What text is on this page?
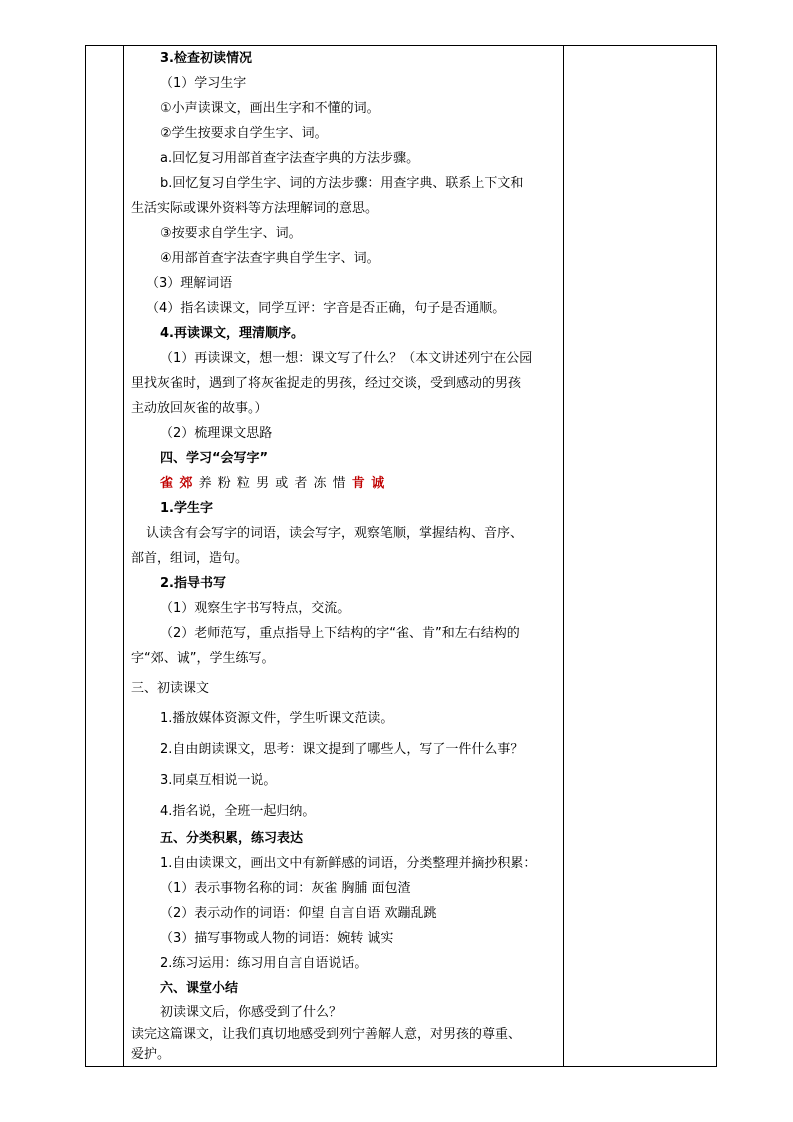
3.检查初读情况
（1）学习生字
①小声读课文，画出生字和不懂的词。
②学生按要求自学生字、词。
a.回忆复习用部首查字法查字典的方法步骤。
b.回忆复习自学生字、词的方法步骤：用查字典、联系上下文和
生活实际或课外资料等方法理解词的意思。
③按要求自学生字、词。
④用部首查字法查字典自学生字、词。
（3）理解词语
（4）指名读课文，同学互评：字音是否正确，句子是否通顺。
4.再读课文，理清顺序。
（1）再读课文，想一想：课文写了什么？（本文讲述列宁在公园
里找灰雀时，遇到了将灰雀捉走的男孩，经过交谈，受到感动的男孩
主动放回灰雀的故事。）
（2）梳理课文思路
四、学习“会写字”
雀 郊 养 粉 粒 男 或 者 冻 惜 肯 诚
1.学生字
认读含有会写字的词语，读会写字，观察笔顺，掌握结构、音序、
部首，组词，造句。
2.指导书写
（1）观察生字书写特点，交流。
（2）老师范写，重点指导上下结构的字“雀、肯”和左右结构的
字“郊、诚”，学生练写。
三、初读课文
1.播放媒体资源文件，学生听课文范读。
2.自由朗读课文，思考：课文提到了哪些人，写了一件什么事？
3.同桌互相说一说。
4.指名说，全班一起归纳。
五、分类积累，练习表达
1.自由读课文，画出文中有新鲜感的词语，分类整理并摘抄积累：
（1）表示事物名称的词：灰雀 胸脯 面包渣
（2）表示动作的词语：仰望 自言自语 欢蹦乱跳
（3）描写事物或人物的词语：婉转 诚实
2.练习运用：练习用自言自语说话。
六、课堂小结
初读课文后，你感受到了什么？
读完这篇课文，让我们真切地感受到列宁善解人意，对男孩的尊重、
爱护。
